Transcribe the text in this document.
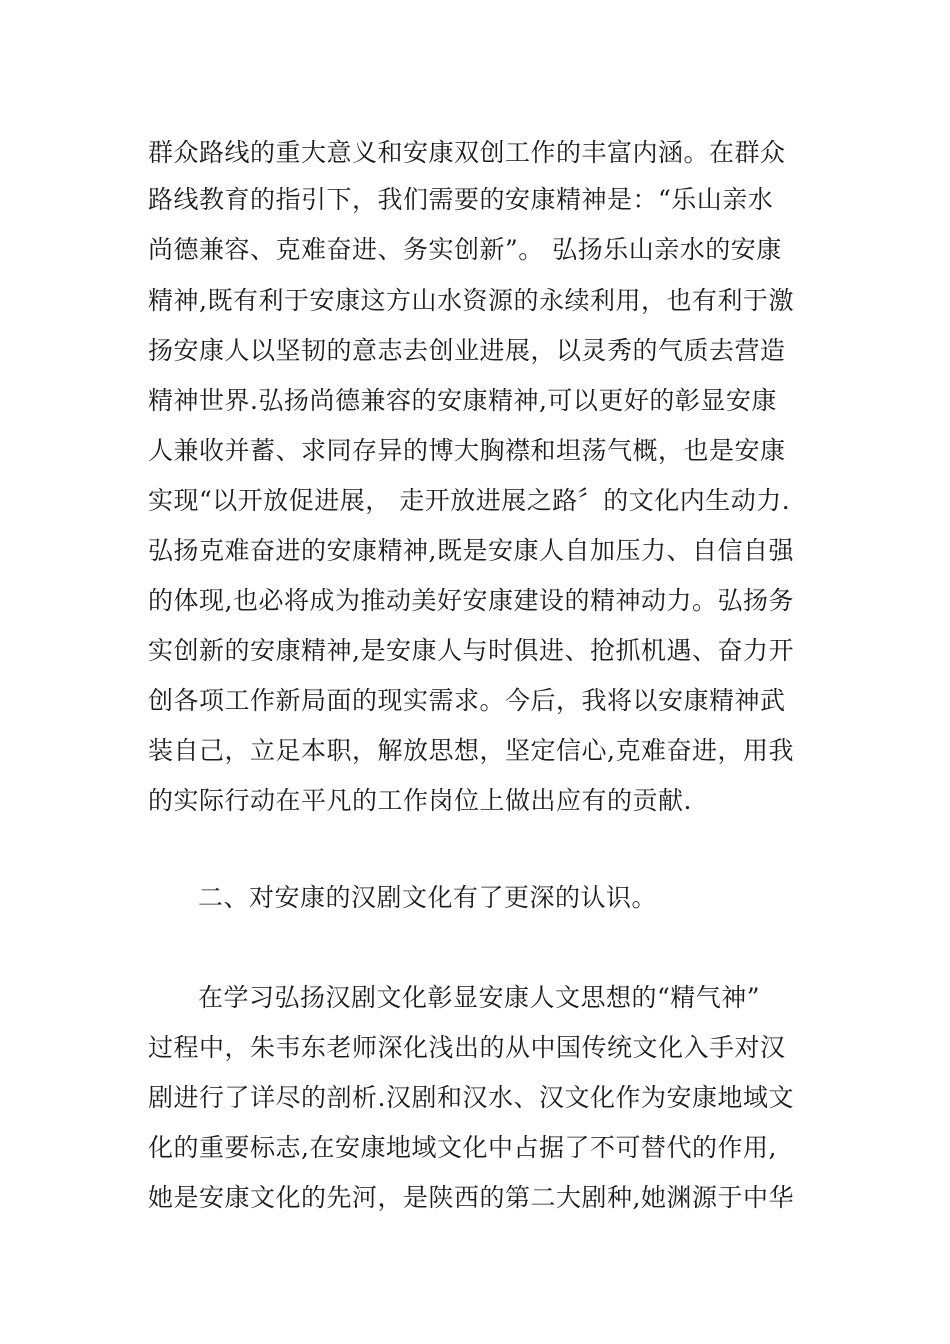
群众路线的重大意义和安康双创工作的丰富内涵。在群众
路线教育的指引下，我们需要的安康精神是：“乐山亲水
尚德兼容、克难奋进、务实创新”。 弘扬乐山亲水的安康
精神,既有利于安康这方山水资源的永续利用，也有利于激
扬安康人以坚韧的意志去创业进展，以灵秀的气质去营造
精神世界.弘扬尚德兼容的安康精神,可以更好的彰显安康
人兼收并蓄、求同存异的博大胸襟和坦荡气概，也是安康
实现“以开放促进展， 走开放进展之路〞的文化内生动力.
弘扬克难奋进的安康精神,既是安康人自加压力、自信自强
的体现,也必将成为推动美好安康建设的精神动力。弘扬务
实创新的安康精神,是安康人与时俱进、抢抓机遇、奋力开
创各项工作新局面的现实需求。今后，我将以安康精神武
装自己，立足本职，解放思想，坚定信心,克难奋进，用我
的实际行动在平凡的工作岗位上做出应有的贡献.
二、对安康的汉剧文化有了更深的认识。
在学习弘扬汉剧文化彰显安康人文思想的“精气神”
过程中，朱韦东老师深化浅出的从中国传统文化入手对汉
剧进行了详尽的剖析.汉剧和汉水、汉文化作为安康地域文
化的重要标志,在安康地域文化中占据了不可替代的作用,
她是安康文化的先河，是陕西的第二大剧种,她渊源于中华
